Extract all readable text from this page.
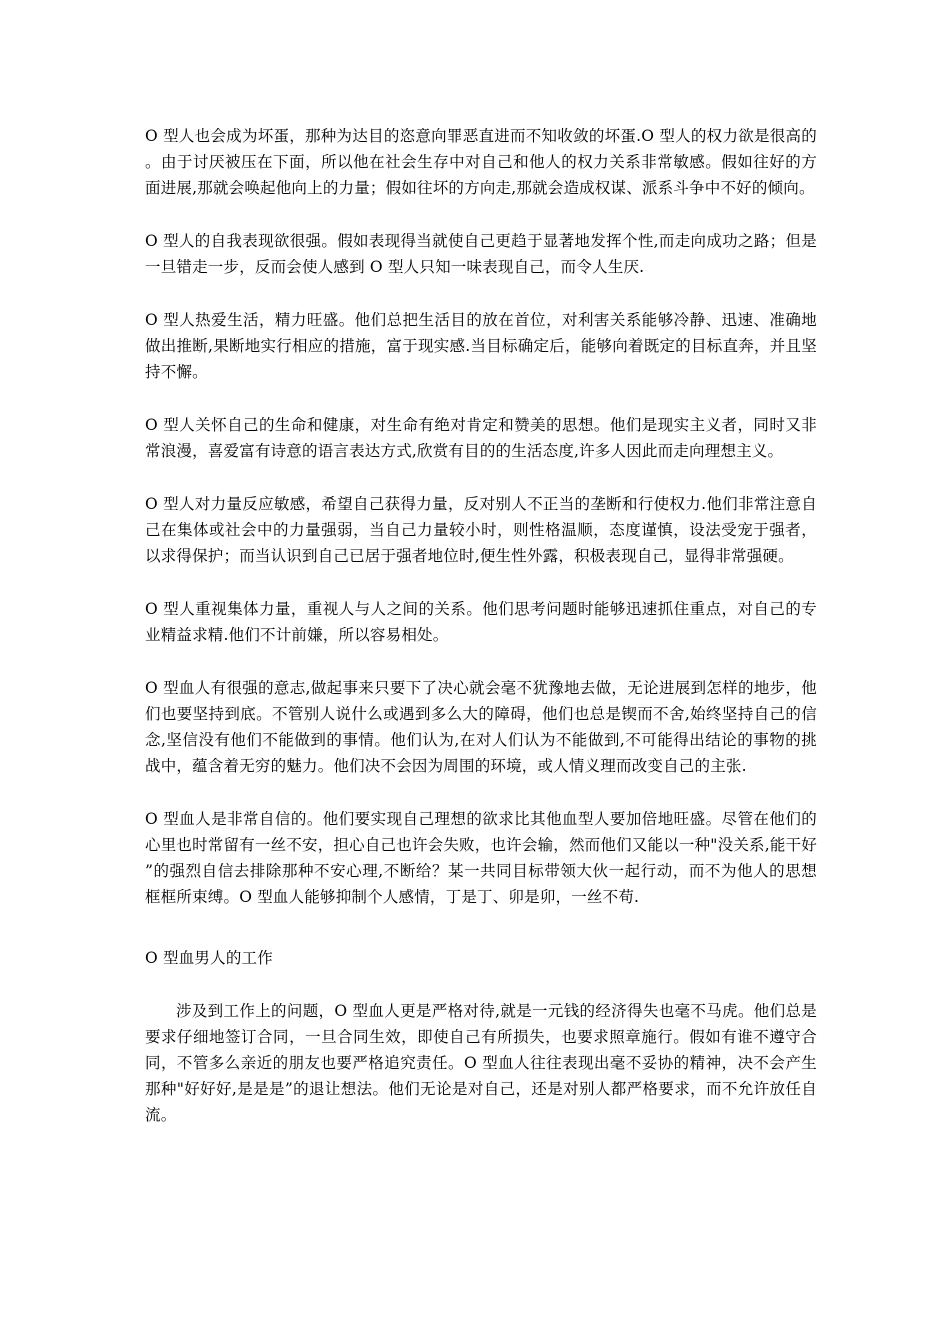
O 型人也会成为坏蛋，那种为达目的恣意向罪恶直进而不知收敛的坏蛋.O 型人的权力欲是很高的。由于讨厌被压在下面，所以他在社会生存中对自己和他人的权力关系非常敏感。假如往好的方面进展,那就会唤起他向上的力量；假如往坏的方向走,那就会造成权谋、派系斗争中不好的倾向。

O 型人的自我表现欲很强。假如表现得当就使自己更趋于显著地发挥个性,而走向成功之路；但是一旦错走一步，反而会使人感到 O 型人只知一味表现自己，而令人生厌.

O 型人热爱生活，精力旺盛。他们总把生活目的放在首位，对利害关系能够冷静、迅速、准确地做出推断,果断地实行相应的措施，富于现实感.当目标确定后，能够向着既定的目标直奔，并且坚持不懈。

O 型人关怀自己的生命和健康，对生命有绝对肯定和赞美的思想。他们是现实主义者，同时又非常浪漫，喜爱富有诗意的语言表达方式,欣赏有目的的生活态度,许多人因此而走向理想主义。

O 型人对力量反应敏感，希望自己获得力量，反对别人不正当的垄断和行使权力.他们非常注意自己在集体或社会中的力量强弱，当自己力量较小时，则性格温顺，态度谨慎，设法受宠于强者，以求得保护；而当认识到自己已居于强者地位时,便生性外露，积极表现自己，显得非常强硬。

O 型人重视集体力量，重视人与人之间的关系。他们思考问题时能够迅速抓住重点，对自己的专业精益求精.他们不计前嫌，所以容易相处。

O 型血人有很强的意志,做起事来只要下了决心就会毫不犹豫地去做，无论进展到怎样的地步，他们也要坚持到底。不管别人说什么或遇到多么大的障碍，他们也总是锲而不舍,始终坚持自己的信念,坚信没有他们不能做到的事情。他们认为,在对人们认为不能做到,不可能得出结论的事物的挑战中，蕴含着无穷的魅力。他们决不会因为周围的环境，或人情义理而改变自己的主张.

O 型血人是非常自信的。他们要实现自己理想的欲求比其他血型人要加倍地旺盛。尽管在他们的心里也时常留有一丝不安，担心自己也许会失败，也许会输，然而他们又能以一种"没关系,能干好”的强烈自信去排除那种不安心理,不断给？某一共同目标带领大伙一起行动，而不为他人的思想框框所束缚。O 型血人能够抑制个人感情，丁是丁、卯是卯，一丝不苟.

O 型血男人的工作

涉及到工作上的问题，O 型血人更是严格对待,就是一元钱的经济得失也毫不马虎。他们总是要求仔细地签订合同，一旦合同生效，即使自己有所损失，也要求照章施行。假如有谁不遵守合同，不管多么亲近的朋友也要严格追究责任。O 型血人往往表现出毫不妥协的精神，决不会产生那种"好好好,是是是”的退让想法。他们无论是对自己，还是对别人都严格要求，而不允许放任自流。
